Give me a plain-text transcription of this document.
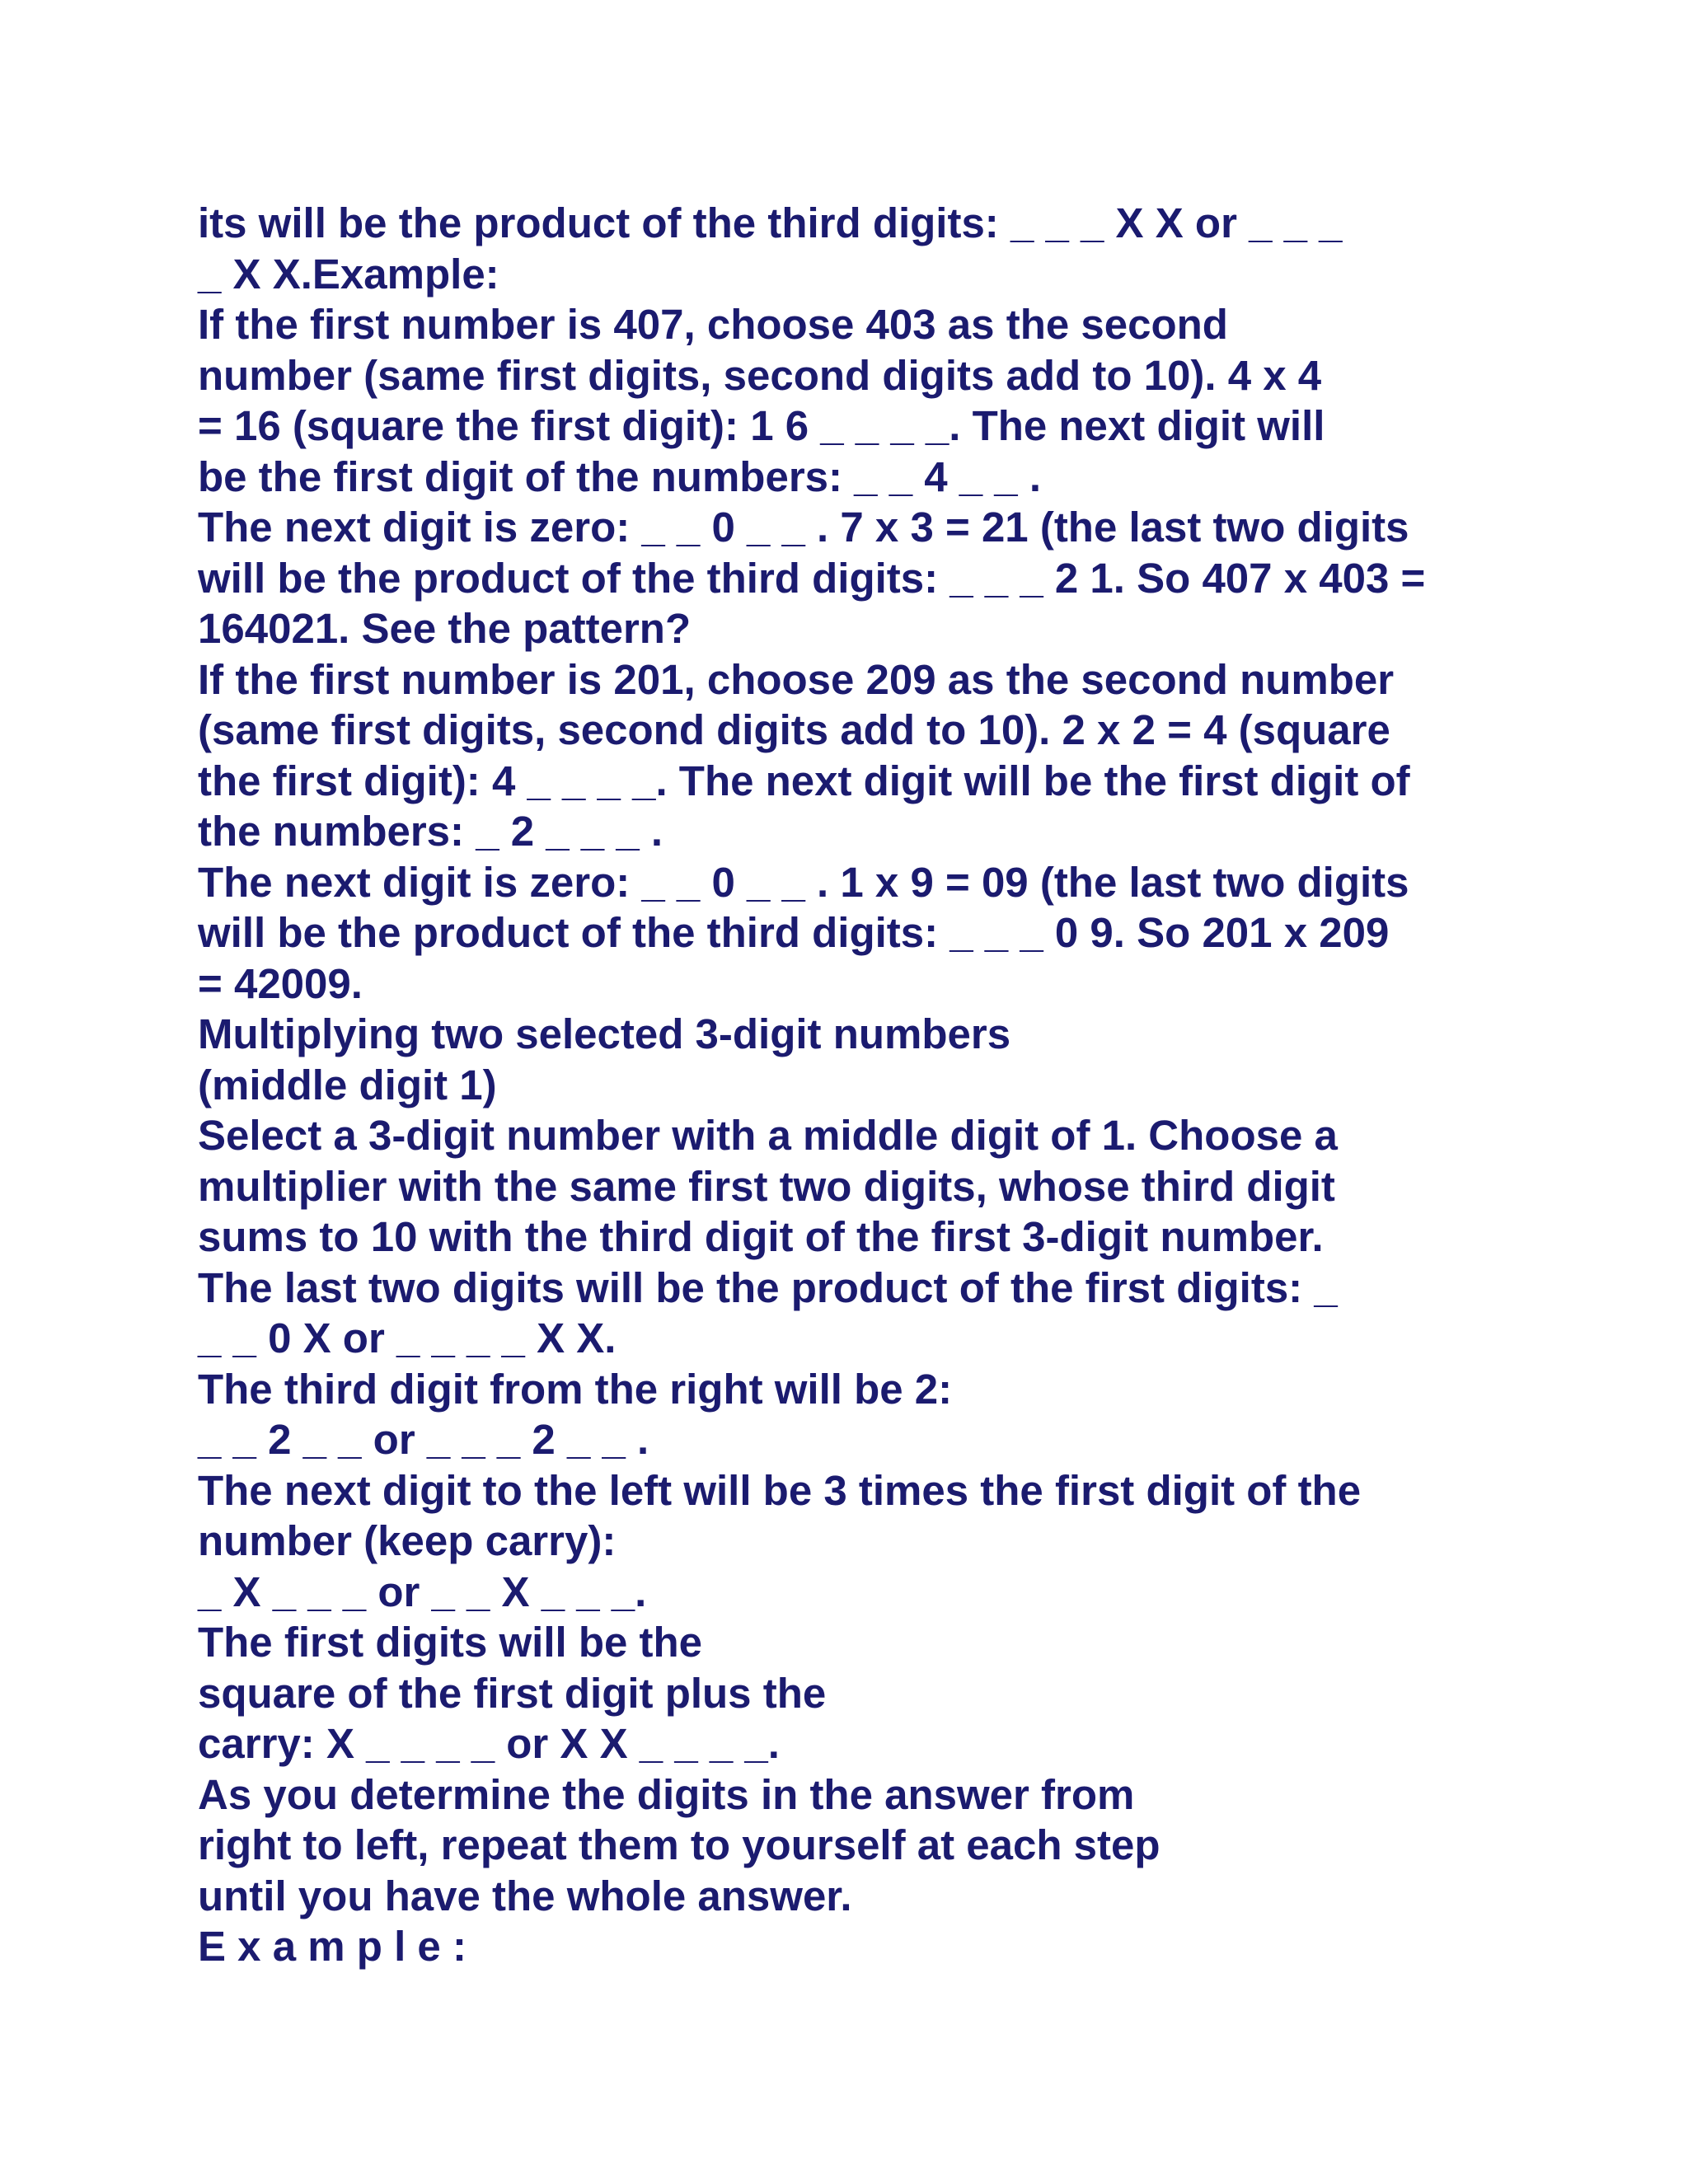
its will be the product of the third digits: _ _ _ X X or _ _ _
_ X X.Example:
If the first number is 407, choose 403 as the second
number (same first digits, second digits add to 10). 4 x 4
= 16 (square the first digit): 1 6 _ _ _ _. The next digit will
be the first digit of the numbers: _ _ 4 _ _ .
The next digit is zero: _ _ 0 _ _ . 7 x 3 = 21 (the last two digits
will be the product of the third digits: _ _ _ 2 1. So 407 x 403 =
164021. See the pattern?
If the first number is 201, choose 209 as the second number
(same first digits, second digits add to 10). 2 x 2 = 4 (square
the first digit): 4 _ _ _ _. The next digit will be the first digit of
the numbers: _ 2 _ _ _ .
The next digit is zero: _ _ 0 _ _ . 1 x 9 = 09 (the last two digits
will be the product of the third digits: _ _ _ 0 9. So 201 x 209
= 42009.
Multiplying two selected 3-digit numbers
(middle digit 1)
Select a 3-digit number with a middle digit of 1. Choose a
multiplier with the same first two digits, whose third digit
sums to 10 with the third digit of the first 3-digit number.
The last two digits will be the product of the first digits: _
_ _ 0 X or _ _ _ _ X X.
The third digit from the right will be 2:
_ _ 2 _ _ or _ _ _ 2 _ _ .
The next digit to the left will be 3 times the first digit of the
number (keep carry):
_ X _ _ _ or _ _ X _ _ _.
The first digits will be the
square of the first digit plus the
carry: X _ _ _ _ or X X _ _ _ _.
As you determine the digits in the answer from
right to left, repeat them to yourself at each step
until you have the whole answer.
E x a m p l e :
